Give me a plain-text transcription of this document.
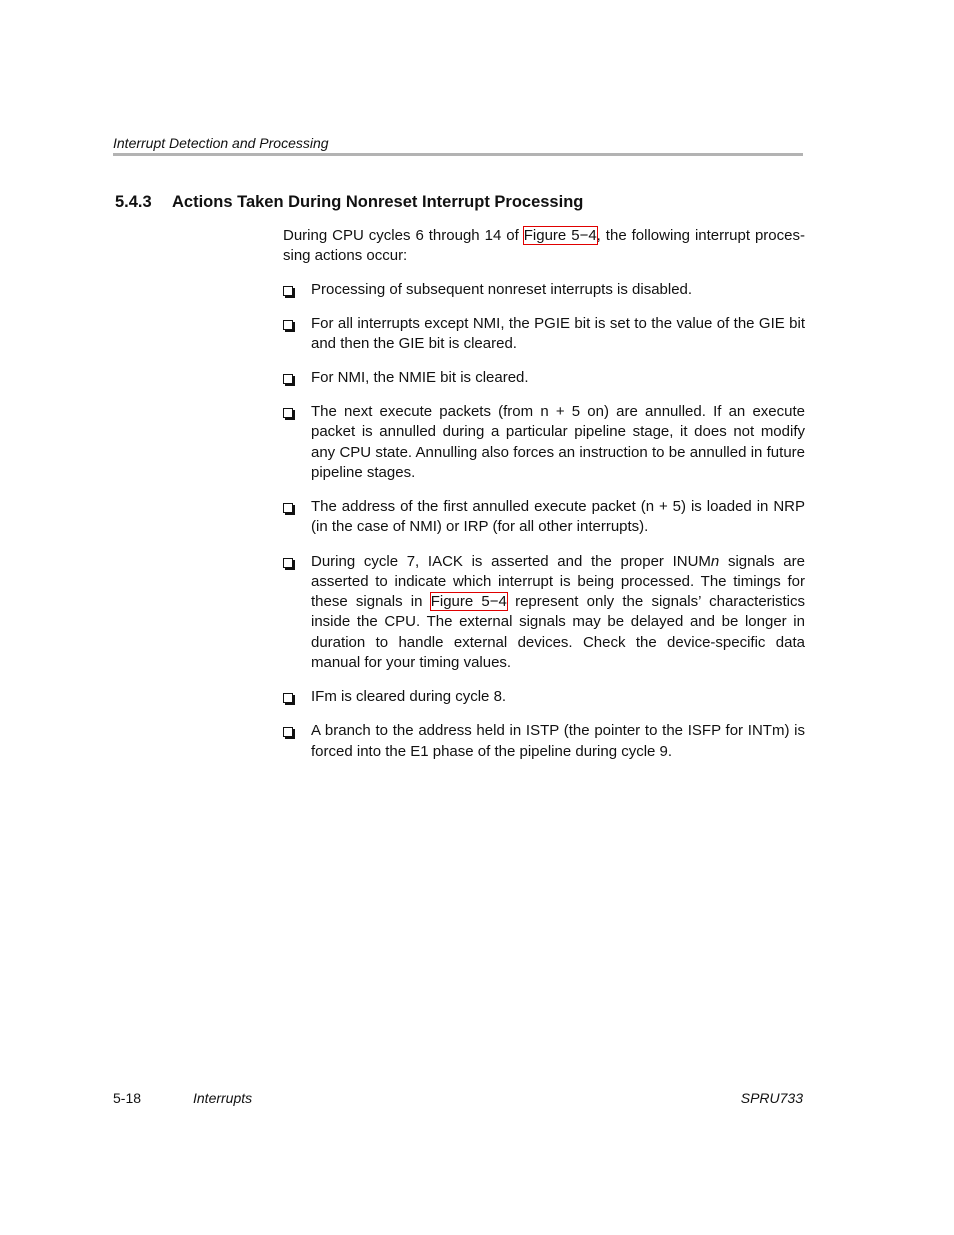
Interrupt Detection and Processing
5.4.3 Actions Taken During Nonreset Interrupt Processing

During CPU cycles 6 through 14 of Figure 5−4, the following interrupt proces-sing actions occur:

Processing of subsequent nonreset interrupts is disabled.
For all interrupts except NMI, the PGIE bit is set to the value of the GIE bit and then the GIE bit is cleared.
For NMI, the NMIE bit is cleared.
The next execute packets (from n + 5 on) are annulled. If an execute packet is annulled during a particular pipeline stage, it does not modify any CPU state. Annulling also forces an instruction to be annulled in future pipeline stages.
The address of the first annulled execute packet (n + 5) is loaded in NRP (in the case of NMI) or IRP (for all other interrupts).
During cycle 7, IACK is asserted and the proper INUMn signals are asserted to indicate which interrupt is being processed. The timings for these signals in Figure 5−4 represent only the signals’ characteristics inside the CPU. The external signals may be delayed and be longer in duration to handle external devices. Check the device-specific data manual for your timing values.
IFm is cleared during cycle 8.
A branch to the address held in ISTP (the pointer to the ISFP for INTm) is forced into the E1 phase of the pipeline during cycle 9.
5-18	Interrupts	SPRU733
